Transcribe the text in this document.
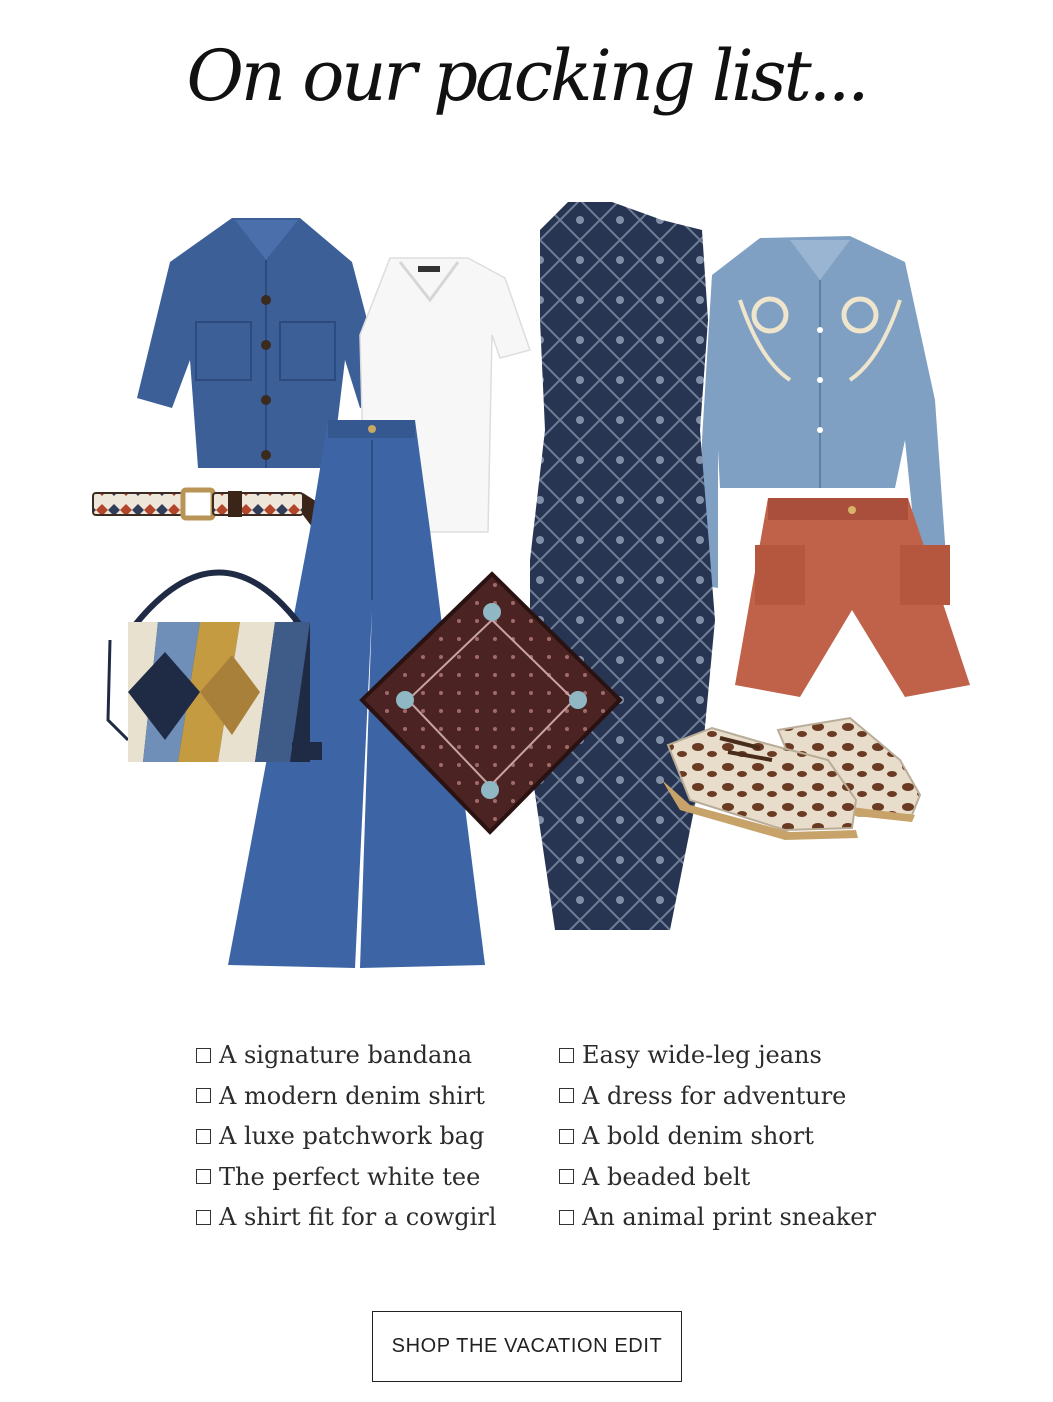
On our packing list...
A signature bandana
A modern denim shirt
A luxe patchwork bag
The perfect white tee
A shirt fit for a cowgirl
Easy wide-leg jeans
A dress for adventure
A bold denim short
A beaded belt
An animal print sneaker
SHOP THE VACATION EDIT
